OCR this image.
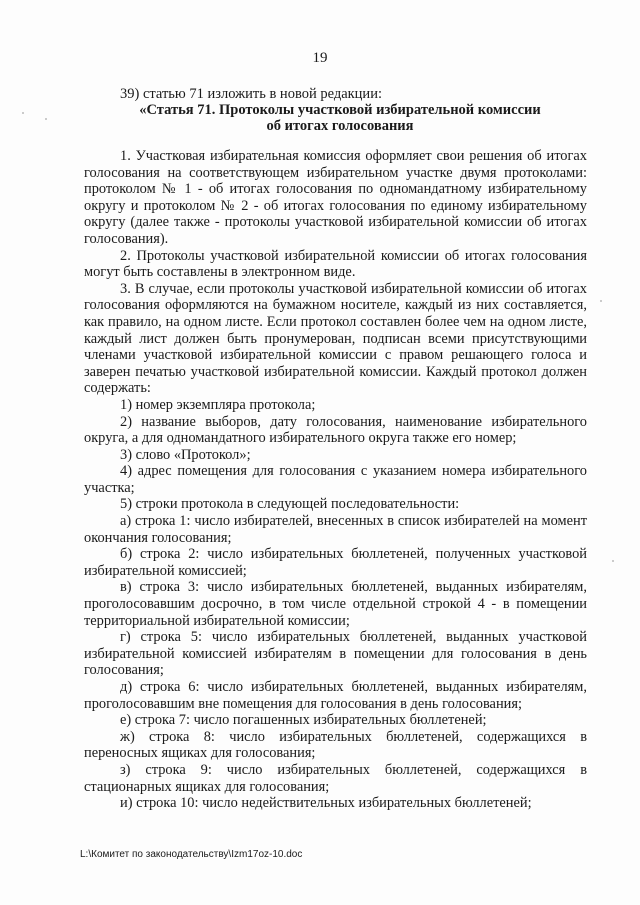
19
39) статью 71 изложить в новой редакции:
«Статья 71. Протоколы участковой избирательной комиссии
об итогах голосования

1. Участковая избирательная комиссия оформляет свои решения об итогах голосования на соответствующем избирательном участке двумя протоколами: протоколом № 1 - об итогах голосования по одномандатному избирательному округу и протоколом № 2 - об итогах голосования по единому избирательному округу (далее также - протоколы участковой избирательной комиссии об итогах голосования).

2. Протоколы участковой избирательной комиссии об итогах голосования могут быть составлены в электронном виде.

3. В случае, если протоколы участковой избирательной комиссии об итогах голосования оформляются на бумажном носителе, каждый из них составляется, как правило, на одном листе. Если протокол составлен более чем на одном листе, каждый лист должен быть пронумерован, подписан всеми присутствующими членами участковой избирательной комиссии с правом решающего голоса и заверен печатью участковой избирательной комиссии. Каждый протокол должен содержать:

1) номер экземпляра протокола;

2) название выборов, дату голосования, наименование избирательного округа, а для одномандатного избирательного округа также его номер;

3) слово «Протокол»;

4) адрес помещения для голосования с указанием номера избирательного участка;

5) строки протокола в следующей последовательности:

а) строка 1: число избирателей, внесенных в список избирателей на момент окончания голосования;

б) строка 2: число избирательных бюллетеней, полученных участковой избирательной комиссией;

в) строка 3: число избирательных бюллетеней, выданных избирателям, проголосовавшим досрочно, в том числе отдельной строкой 4 - в помещении территориальной избирательной комиссии;

г) строка 5: число избирательных бюллетеней, выданных участковой избирательной комиссией избирателям в помещении для голосования в день голосования;

д) строка 6: число избирательных бюллетеней, выданных избирателям, проголосовавшим вне помещения для голосования в день голосования;

е) строка 7: число погашенных избирательных бюллетеней;

ж) строка 8: число избирательных бюллетеней, содержащихся в переносных ящиках для голосования;

з) строка 9: число избирательных бюллетеней, содержащихся в стационарных ящиках для голосования;

и) строка 10: число недействительных избирательных бюллетеней;

L:\Комитет по законодательству\Izm17oz-10.doc
